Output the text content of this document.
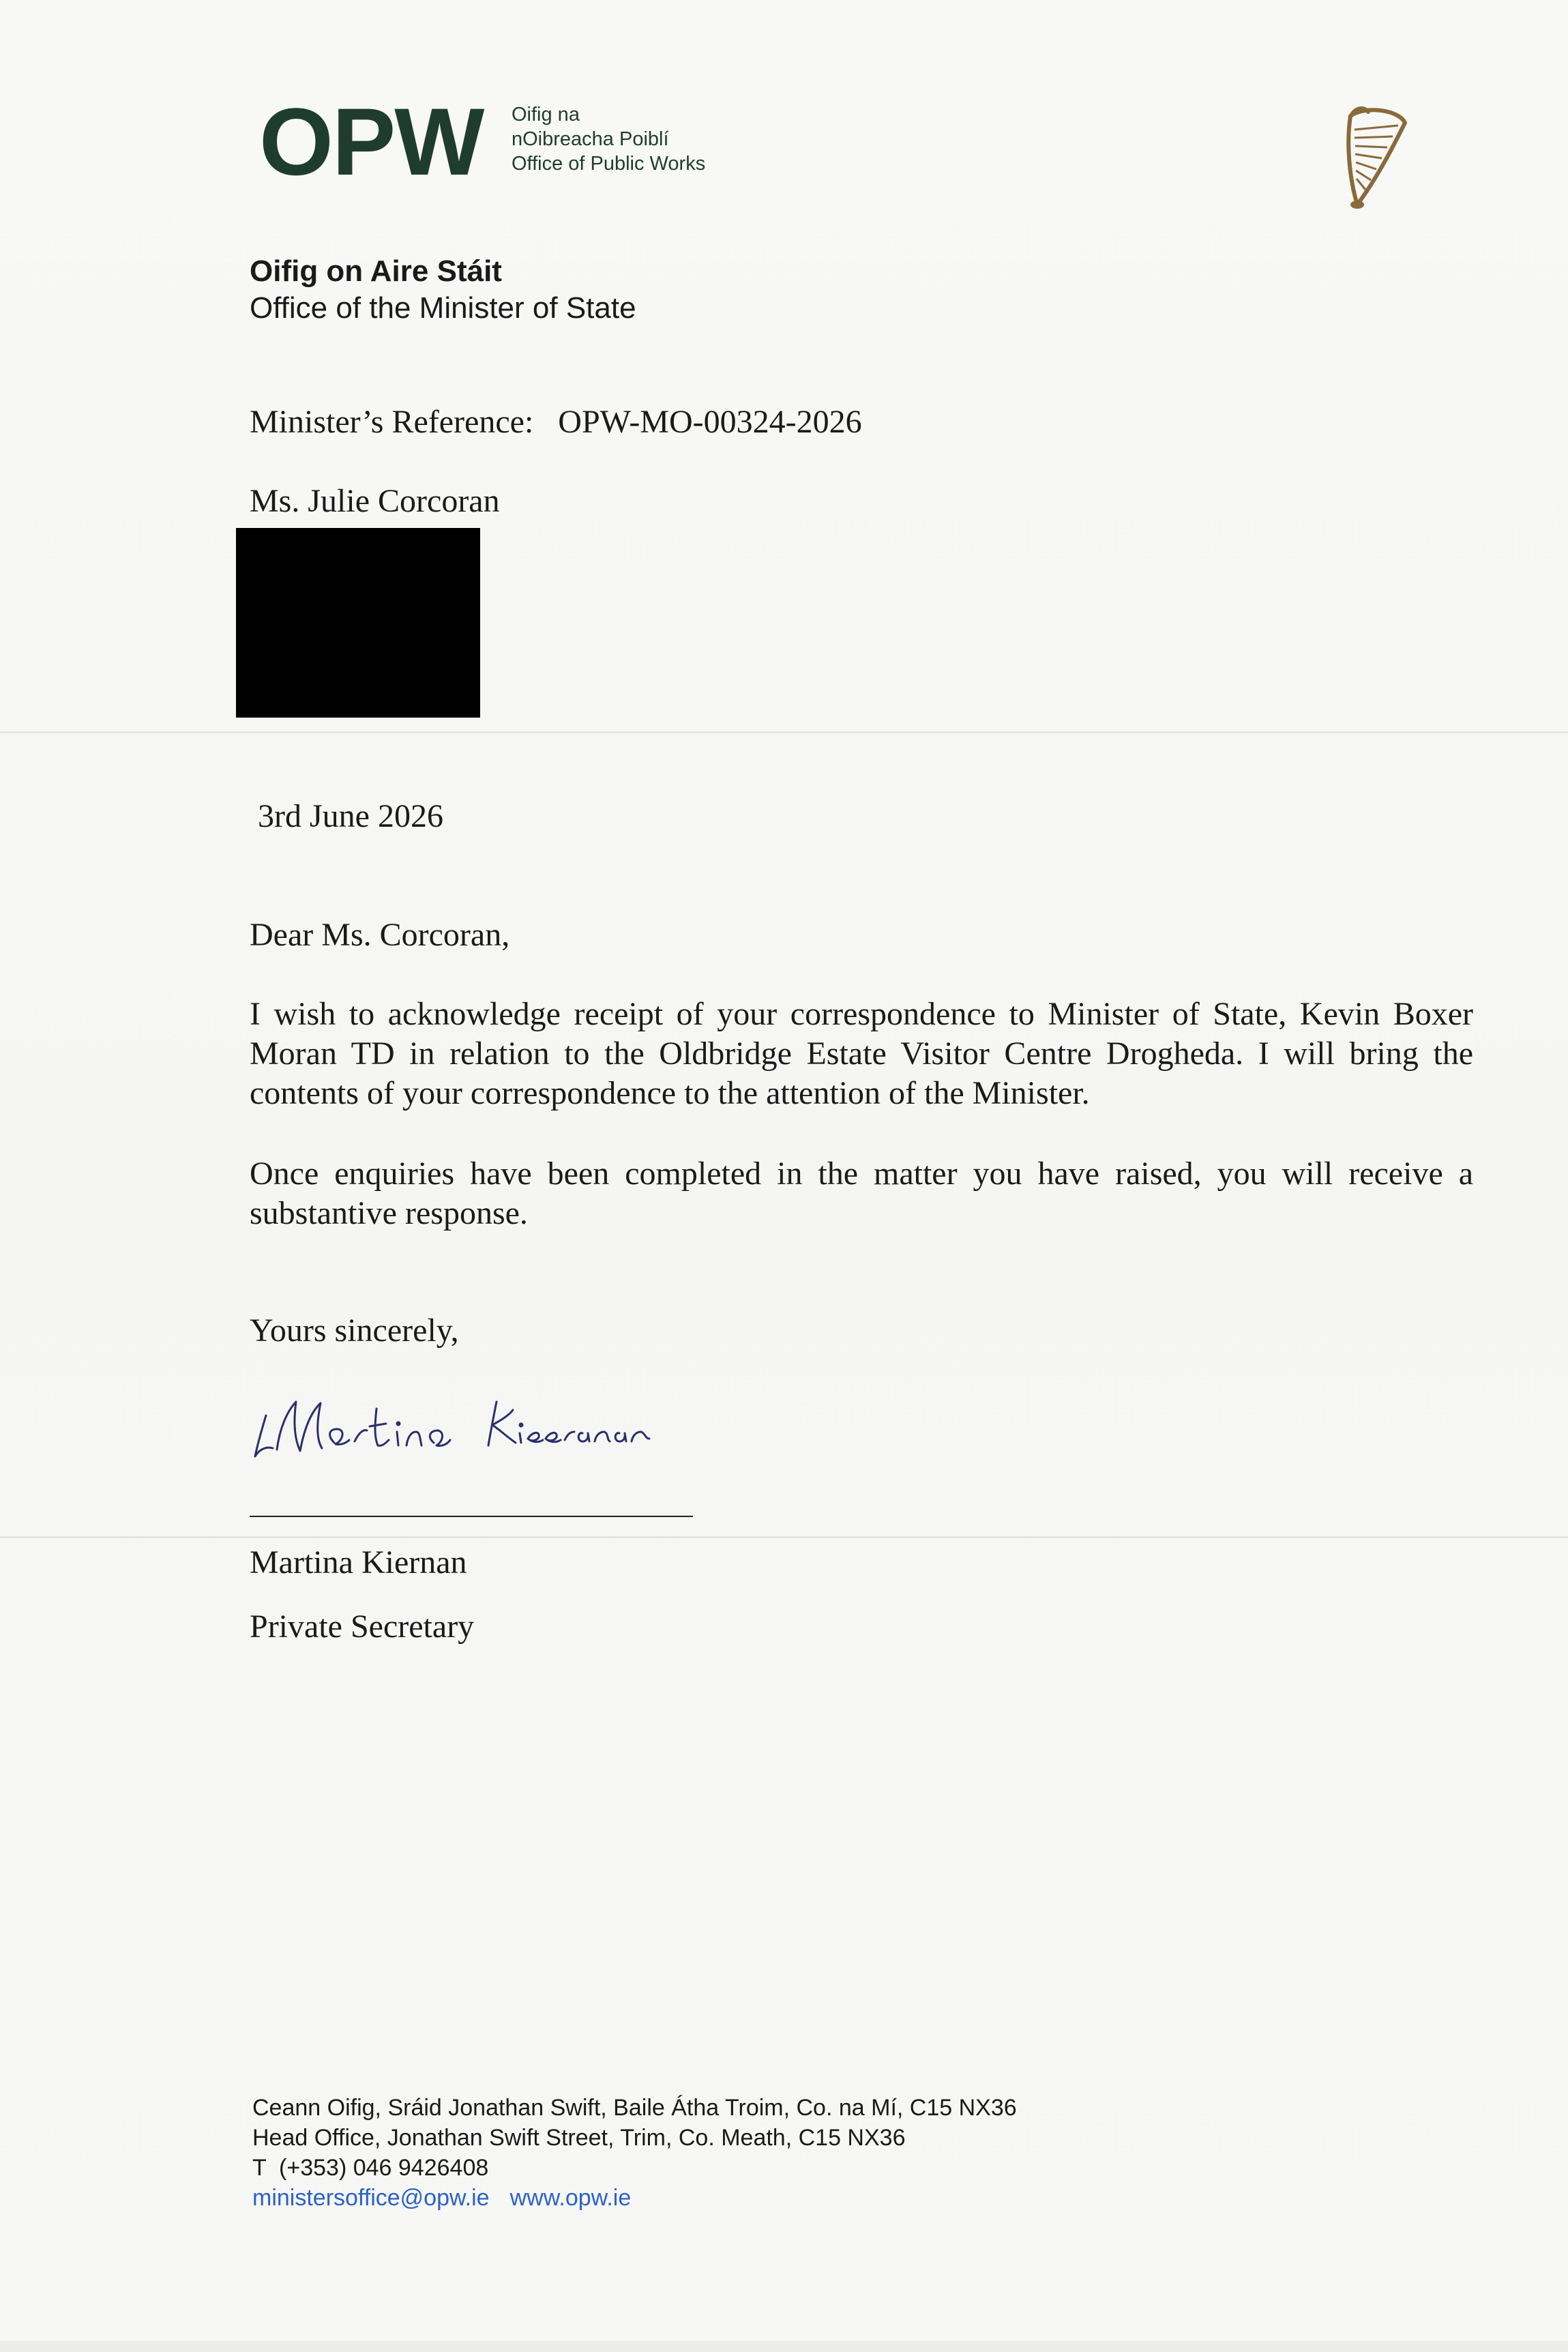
OPW Oifig na
nOibreacha Poiblí
Office of Public Works
Oifig on Aire Stáit
Office of the Minister of State
Minister’s Reference: OPW-MO-00324-2026
Ms. Julie Corcoran
3rd June 2026
Dear Ms. Corcoran,
I wish to acknowledge receipt of your correspondence to Minister of State, Kevin Boxer Moran TD in relation to the Oldbridge Estate Visitor Centre Drogheda. I will bring the contents of your correspondence to the attention of the Minister.
Once enquiries have been completed in the matter you have raised, you will receive a substantive response.
Yours sincerely,
Martina Kiernan
Private Secretary
Ceann Oifig, Sráid Jonathan Swift, Baile Átha Troim, Co. na Mí, C15 NX36
Head Office, Jonathan Swift Street, Trim, Co. Meath, C15 NX36
T  (+353) 046 9426408
ministersoffice@opw.ie www.opw.ie
